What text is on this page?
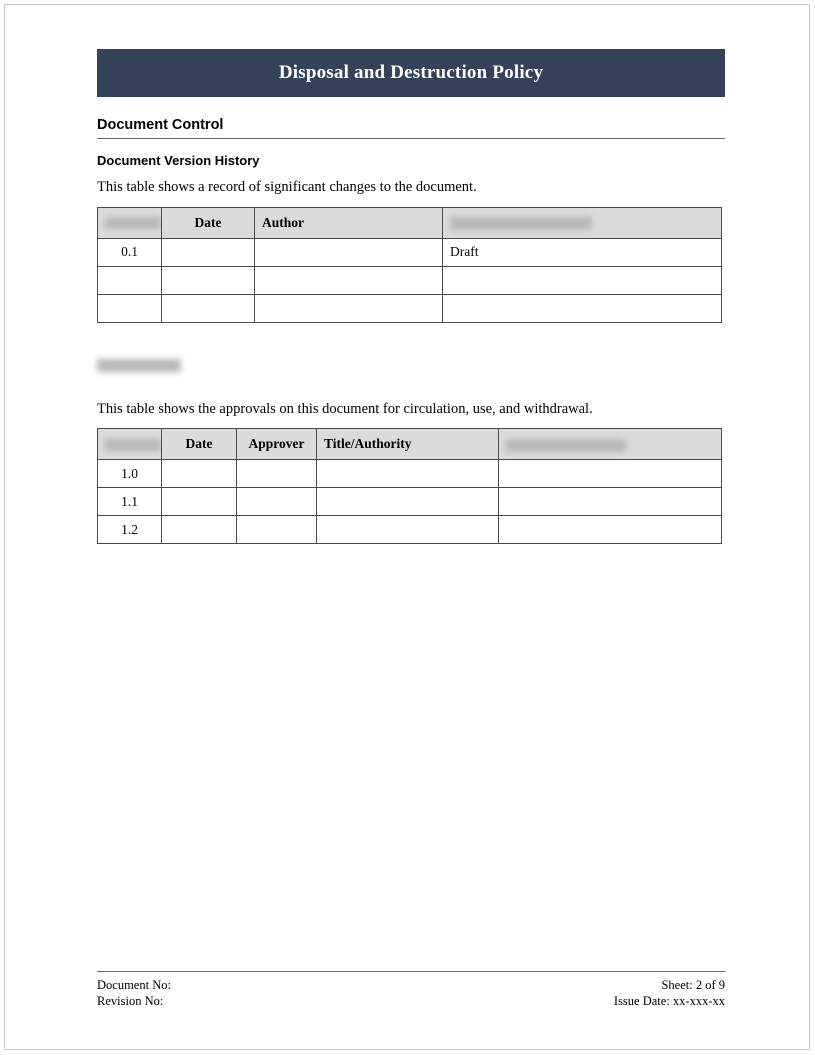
Disposal and Destruction Policy
Document Control
Document Version History
This table shows a record of significant changes to the document.
	Date	Author	
0.1			Draft

This table shows the approvals on this document for circulation, use, and withdrawal.
	Date	Approver	Title/Authority	
1.0				
1.1				
1.2				
Document No:	Sheet: 2 of 9
Revision No:	Issue Date: xx-xxx-xx
